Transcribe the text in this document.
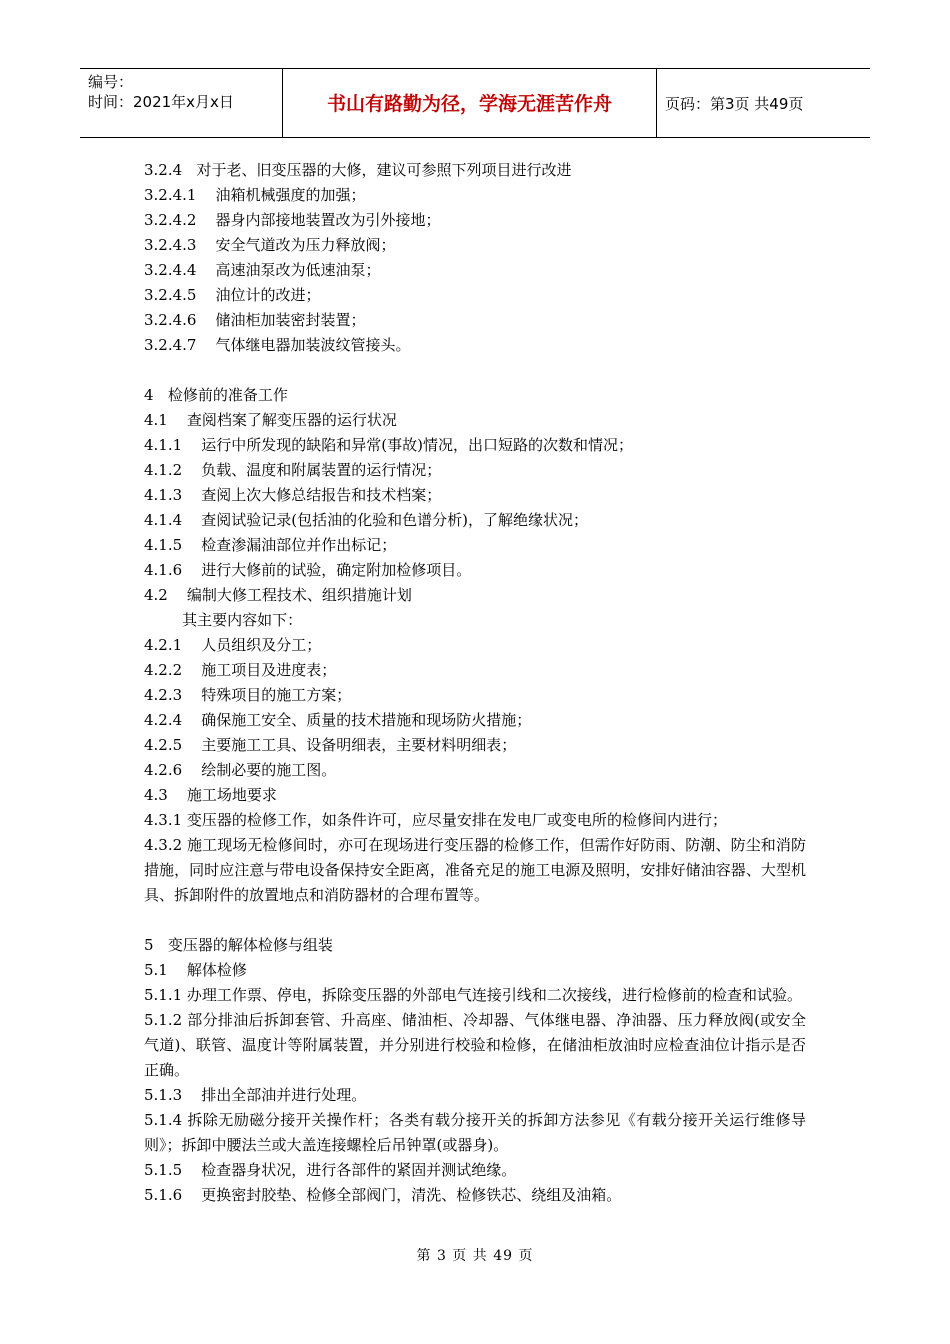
编号：
时间：2021年x月x日	书山有路勤为径，学海无涯苦作舟	页码：第3页 共49页
3.2.4   对于老、旧变压器的大修，建议可参照下列项目进行改进
3.2.4.1    油箱机械强度的加强；
3.2.4.2    器身内部接地装置改为引外接地；
3.2.4.3    安全气道改为压力释放阀；
3.2.4.4    高速油泵改为低速油泵；
3.2.4.5    油位计的改进；
3.2.4.6    储油柜加装密封装置；
3.2.4.7    气体继电器加装波纹管接头。
4   检修前的准备工作
4.1    查阅档案了解变压器的运行状况
4.1.1    运行中所发现的缺陷和异常(事故)情况，出口短路的次数和情况；
4.1.2    负载、温度和附属装置的运行情况；
4.1.3    查阅上次大修总结报告和技术档案；
4.1.4    查阅试验记录(包括油的化验和色谱分析)，了解绝缘状况；
4.1.5    检查渗漏油部位并作出标记；
4.1.6    进行大修前的试验，确定附加检修项目。
4.2    编制大修工程技术、组织措施计划
其主要内容如下：
4.2.1    人员组织及分工；
4.2.2    施工项目及进度表；
4.2.3    特殊项目的施工方案；
4.2.4    确保施工安全、质量的技术措施和现场防火措施；
4.2.5    主要施工工具、设备明细表，主要材料明细表；
4.2.6    绘制必要的施工图。
4.3    施工场地要求
4.3.1 变压器的检修工作，如条件许可，应尽量安排在发电厂或变电所的检修间内进行；
4.3.2 施工现场无检修间时，亦可在现场进行变压器的检修工作，但需作好防雨、防潮、防尘和消防措施，同时应注意与带电设备保持安全距离，准备充足的施工电源及照明，安排好储油容器、大型机具、拆卸附件的放置地点和消防器材的合理布置等。
5   变压器的解体检修与组装
5.1    解体检修
5.1.1 办理工作票、停电，拆除变压器的外部电气连接引线和二次接线，进行检修前的检查和试验。
5.1.2 部分排油后拆卸套管、升高座、储油柜、冷却器、气体继电器、净油器、压力释放阀(或安全气道)、联管、温度计等附属装置，并分别进行校验和检修，在储油柜放油时应检查油位计指示是否正确。
5.1.3    排出全部油并进行处理。
5.1.4 拆除无励磁分接开关操作杆；各类有载分接开关的拆卸方法参见《有载分接开关运行维修导则》；拆卸中腰法兰或大盖连接螺栓后吊钟罩(或器身)。
5.1.5    检查器身状况，进行各部件的紧固并测试绝缘。
5.1.6    更换密封胶垫、检修全部阀门，清洗、检修铁芯、绕组及油箱。
第 3 页 共 49 页
